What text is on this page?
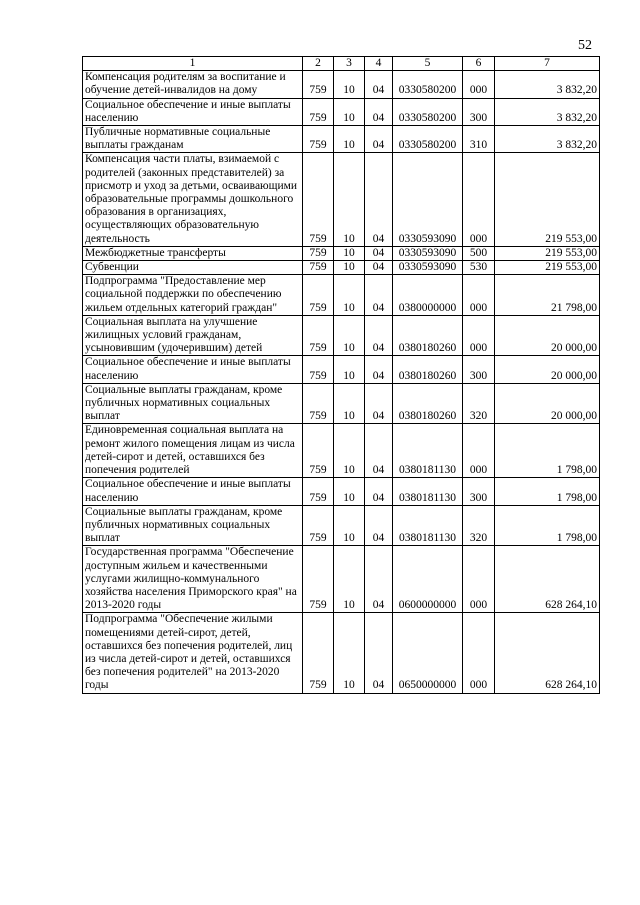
52
1	2	3	4	5	6	7
Компенсация родителям за воспитание и обучение детей-инвалидов на дому	759	10	04	0330580200	000	3 832,20
Социальное обеспечение и иные выплаты населению	759	10	04	0330580200	300	3 832,20
Публичные нормативные социальные выплаты гражданам	759	10	04	0330580200	310	3 832,20
Компенсация части платы, взимаемой с родителей (законных представителей) за присмотр и уход за детьми, осваивающими образовательные программы дошкольного образования в организациях, осуществляющих образовательную деятельность	759	10	04	0330593090	000	219 553,00
Межбюджетные трансферты	759	10	04	0330593090	500	219 553,00
Субвенции	759	10	04	0330593090	530	219 553,00
Подпрограмма "Предоставление мер социальной поддержки по обеспечению жильем отдельных категорий граждан"	759	10	04	0380000000	000	21 798,00
Социальная выплата на улучшение жилищных условий гражданам, усыновившим (удочерившим) детей	759	10	04	0380180260	000	20 000,00
Социальное обеспечение и иные выплаты населению	759	10	04	0380180260	300	20 000,00
Социальные выплаты гражданам, кроме публичных нормативных социальных выплат	759	10	04	0380180260	320	20 000,00
Единовременная социальная выплата на ремонт жилого помещения лицам из числа детей-сирот и детей, оставшихся без попечения родителей	759	10	04	0380181130	000	1 798,00
Социальное обеспечение и иные выплаты населению	759	10	04	0380181130	300	1 798,00
Социальные выплаты гражданам, кроме публичных нормативных социальных выплат	759	10	04	0380181130	320	1 798,00
Государственная программа "Обеспечение доступным жильем и качественными услугами жилищно-коммунального хозяйства населения Приморского края" на 2013-2020 годы	759	10	04	0600000000	000	628 264,10
Подпрограмма "Обеспечение жилыми помещениями детей-сирот, детей, оставшихся без попечения родителей, лиц из числа детей-сирот и детей, оставшихся без попечения родителей" на 2013-2020 годы	759	10	04	0650000000	000	628 264,10
